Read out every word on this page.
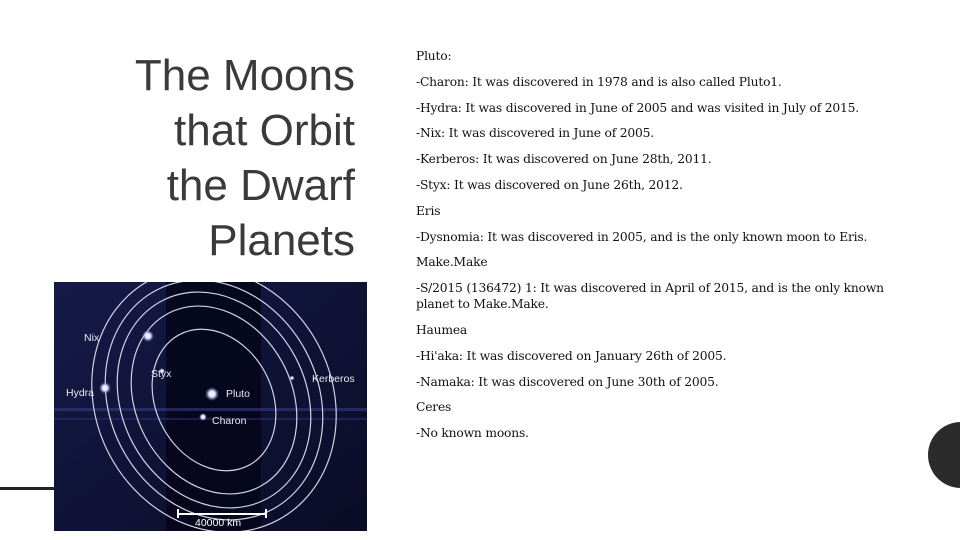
The Moons
that Orbit
the Dwarf
Planets
Nix
Styx
Hydra	Pluto
Charon
Kerberos
40000 km

Pluto:

-Charon: It was discovered in 1978 and is also called Pluto1.

-Hydra: It was discovered in June of 2005 and was visited in July of 2015.

-Nix: It was discovered in June of 2005.

-Kerberos: It was discovered on June 28th, 2011.

-Styx: It was discovered on June 26th, 2012.

Eris

-Dysnomia: It was discovered in 2005, and is the only known moon to Eris.

Make.Make

-S/2015 (136472) 1: It was discovered in April of 2015, and is the only known planet to Make.Make.

Haumea

-Hi'aka: It was discovered on January 26th of 2005.

-Namaka: It was discovered on June 30th of 2005.

Ceres

-No known moons.
